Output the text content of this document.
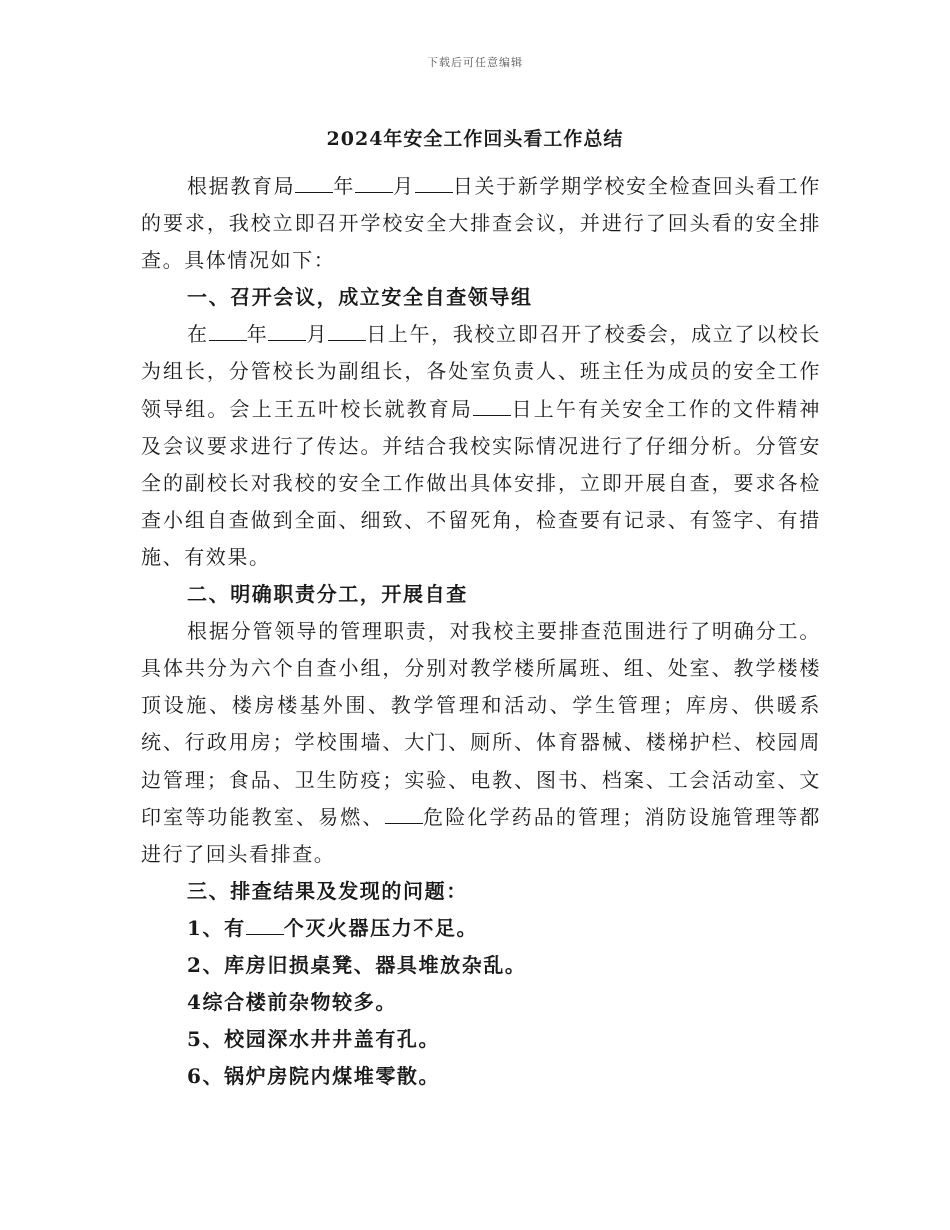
下载后可任意编辑
2024年安全工作回头看工作总结

根据教育局 年 月 日关于新学期学校安全检查回头看工作的要求，我校立即召开学校安全大排查会议，并进行了回头看的安全排查。具体情况如下：

一、召开会议，成立安全自查领导组

在 年 月 日上午，我校立即召开了校委会，成立了以校长为组长，分管校长为副组长，各处室负责人、班主任为成员的安全工作领导组。会上王五叶校长就教育局 日上午有关安全工作的文件精神及会议要求进行了传达。并结合我校实际情况进行了仔细分析。分管安全的副校长对我校的安全工作做出具体安排，立即开展自查，要求各检查小组自查做到全面、细致、不留死角，检查要有记录、有签字、有措施、有效果。

二、明确职责分工，开展自查

根据分管领导的管理职责，对我校主要排查范围进行了明确分工。具体共分为六个自查小组，分别对教学楼所属班、组、处室、教学楼楼顶设施、楼房楼基外围、教学管理和活动、学生管理；库房、供暖系统、行政用房；学校围墙、大门、厕所、体育器械、楼梯护栏、校园周边管理；食品、卫生防疫；实验、电教、图书、档案、工会活动室、文印室等功能教室、易燃、 危险化学药品的管理；消防设施管理等都进行了回头看排查。

三、排查结果及发现的问题：

1、有 个灭火器压力不足。

2、库房旧损桌凳、器具堆放杂乱。

4综合楼前杂物较多。

5、校园深水井井盖有孔。

6、锅炉房院内煤堆零散。
